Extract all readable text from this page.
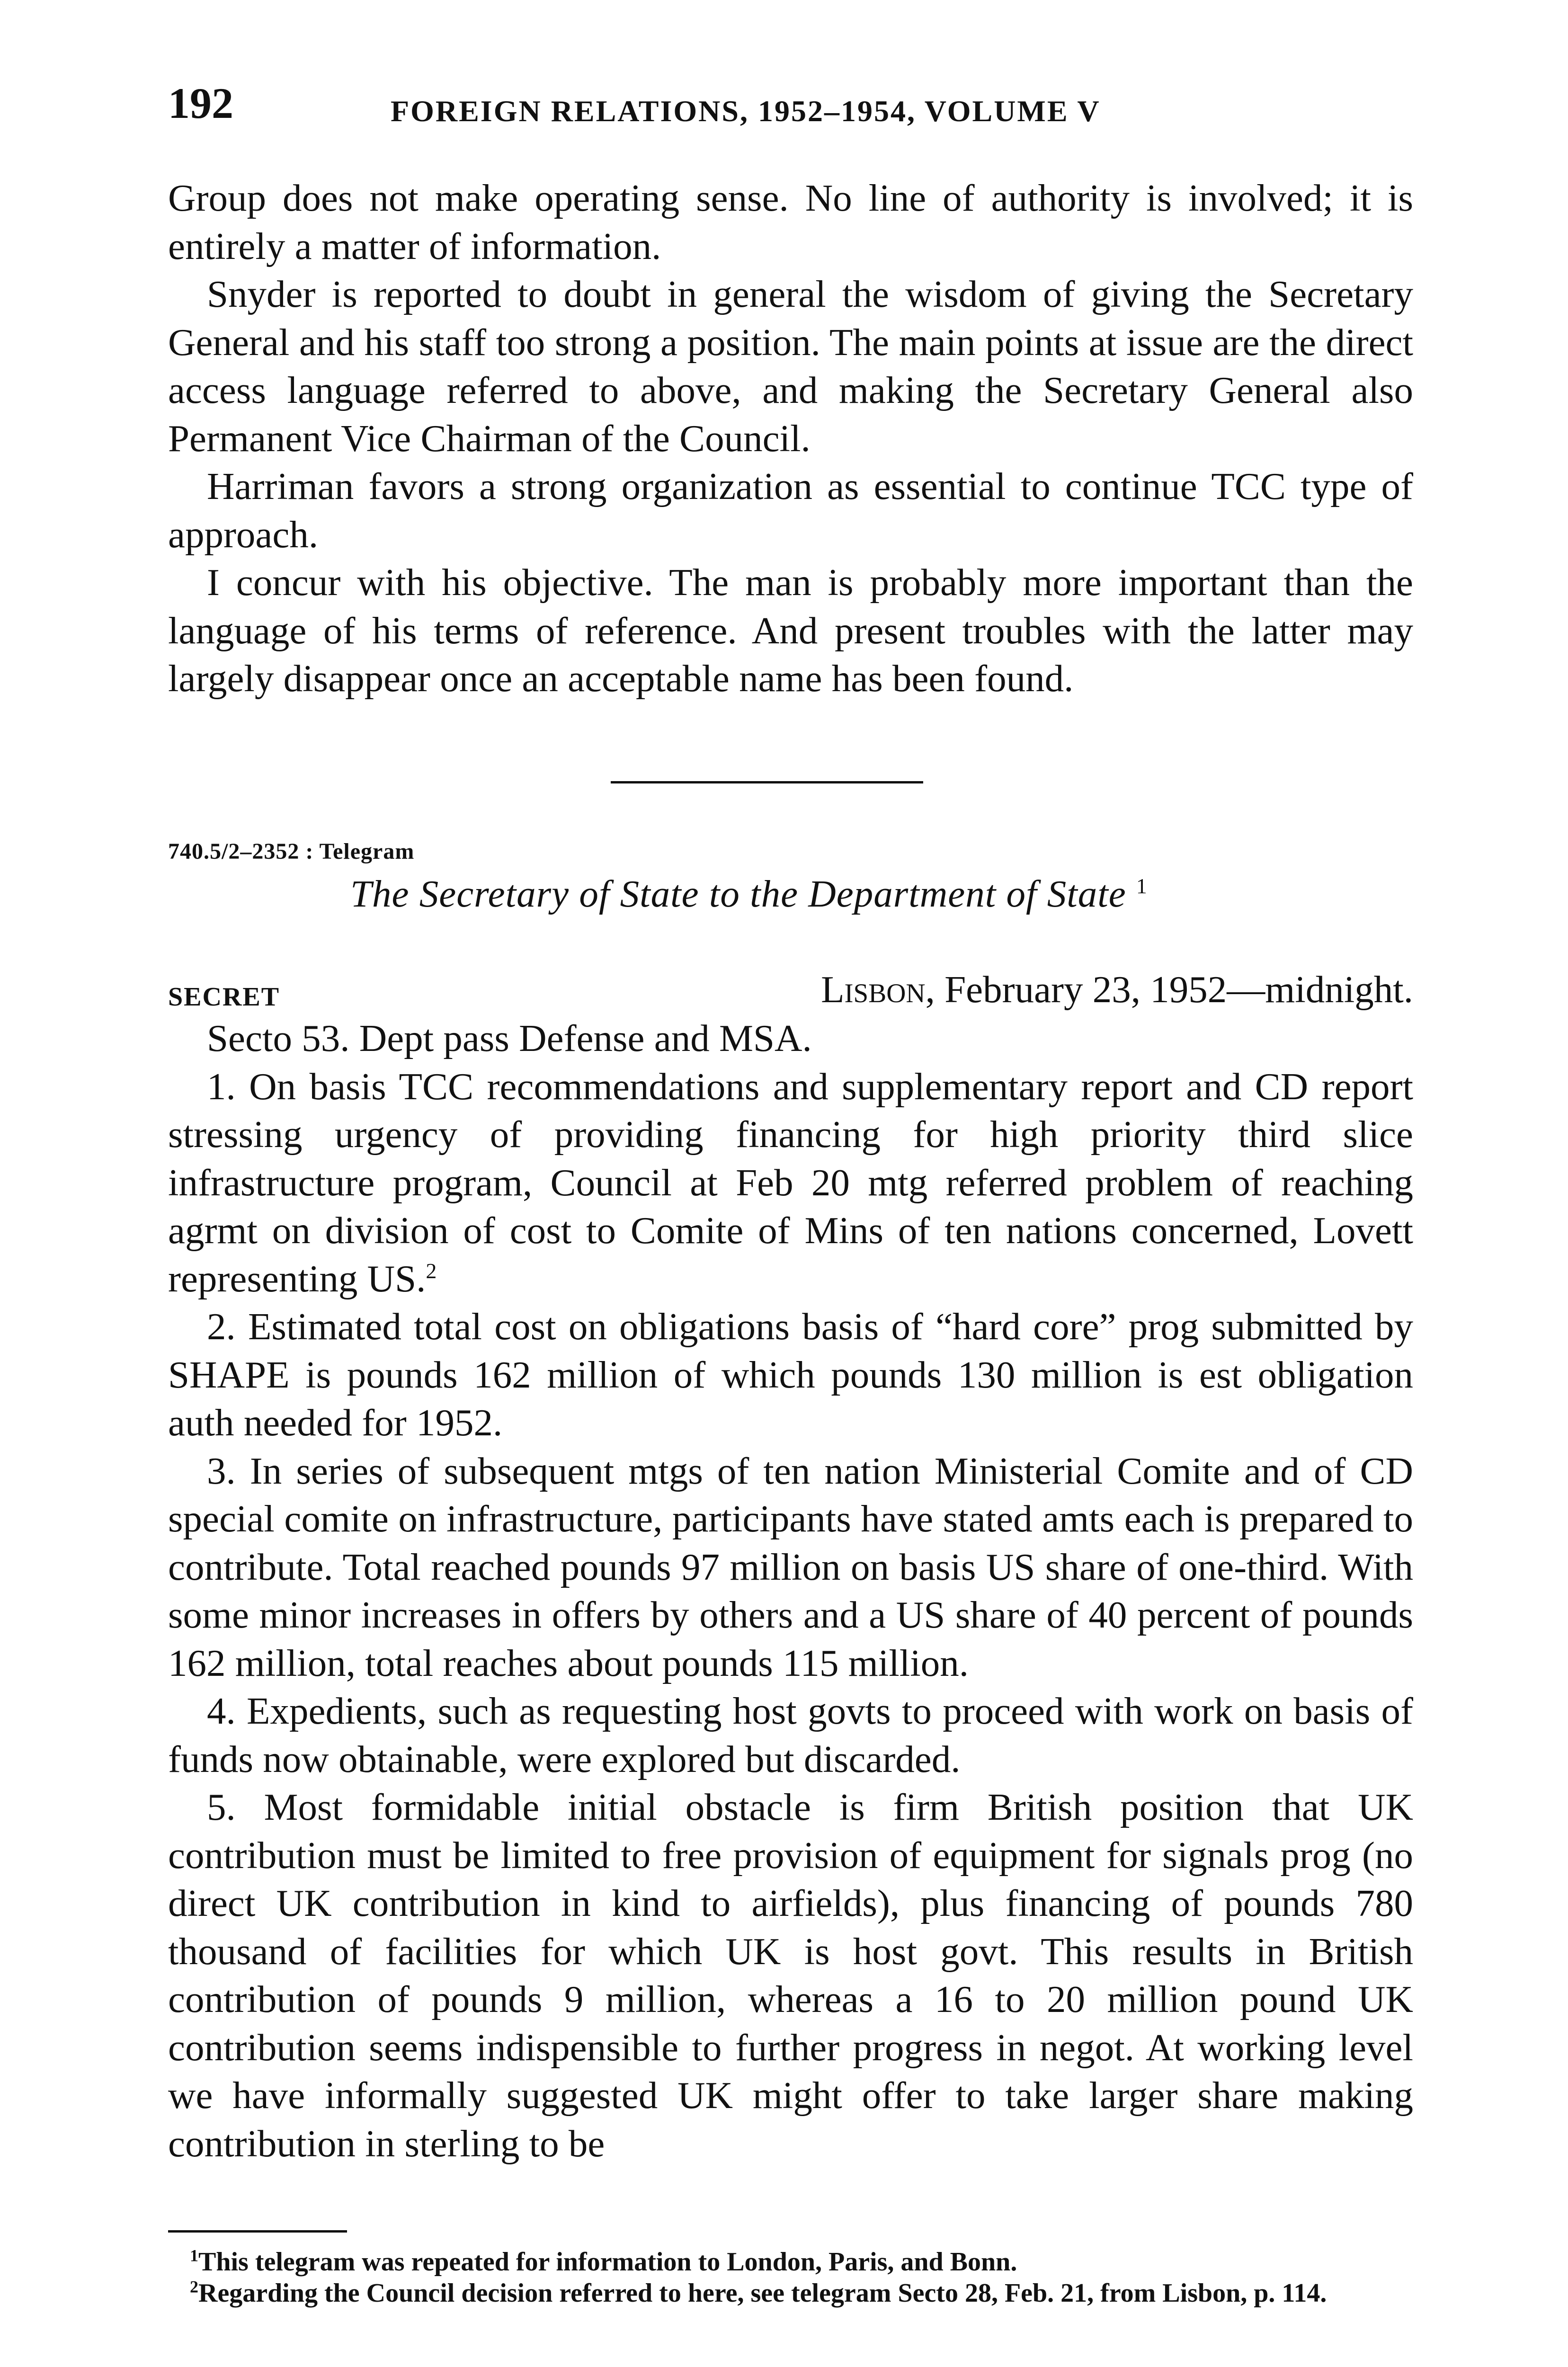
192	FOREIGN RELATIONS, 1952–1954, VOLUME V

Group does not make operating sense. No line of authority is involved; it is entirely a matter of information.

Snyder is reported to doubt in general the wisdom of giving the Secretary General and his staff too strong a position. The main points at issue are the direct access language referred to above, and making the Secretary General also Permanent Vice Chairman of the Council.

Harriman favors a strong organization as essential to continue TCC type of approach.

I concur with his objective. The man is probably more important than the language of his terms of reference. And present troubles with the latter may largely disappear once an acceptable name has been found.

740.5/2–2352 : Telegram
The Secretary of State to the Department of State $^1$
SECRET	Lisbon, February 23, 1952—midnight.

Secto 53. Dept pass Defense and MSA.

1. On basis TCC recommendations and supplementary report and CD report stressing urgency of providing financing for high priority third slice infrastructure program, Council at Feb 20 mtg referred problem of reaching agrmt on division of cost to Comite of Mins of ten nations concerned, Lovett representing US.$^2$

2. Estimated total cost on obligations basis of “hard core” prog submitted by SHAPE is pounds 162 million of which pounds 130 million is est obligation auth needed for 1952.

3. In series of subsequent mtgs of ten nation Ministerial Comite and of CD special comite on infrastructure, participants have stated amts each is prepared to contribute. Total reached pounds 97 million on basis US share of one-third. With some minor increases in offers by others and a US share of 40 percent of pounds 162 million, total reaches about pounds 115 million.

4. Expedients, such as requesting host govts to proceed with work on basis of funds now obtainable, were explored but discarded.

5. Most formidable initial obstacle is firm British position that UK contribution must be limited to free provision of equipment for signals prog (no direct UK contribution in kind to airfields), plus financing of pounds 780 thousand of facilities for which UK is host govt. This results in British contribution of pounds 9 million, whereas a 16 to 20 million pound UK contribution seems indispensible to further progress in negot. At working level we have informally suggested UK might offer to take larger share making contribution in sterling to be

$^1$This telegram was repeated for information to London, Paris, and Bonn.

$^2$Regarding the Council decision referred to here, see telegram Secto 28, Feb. 21, from Lisbon, p. 114.
